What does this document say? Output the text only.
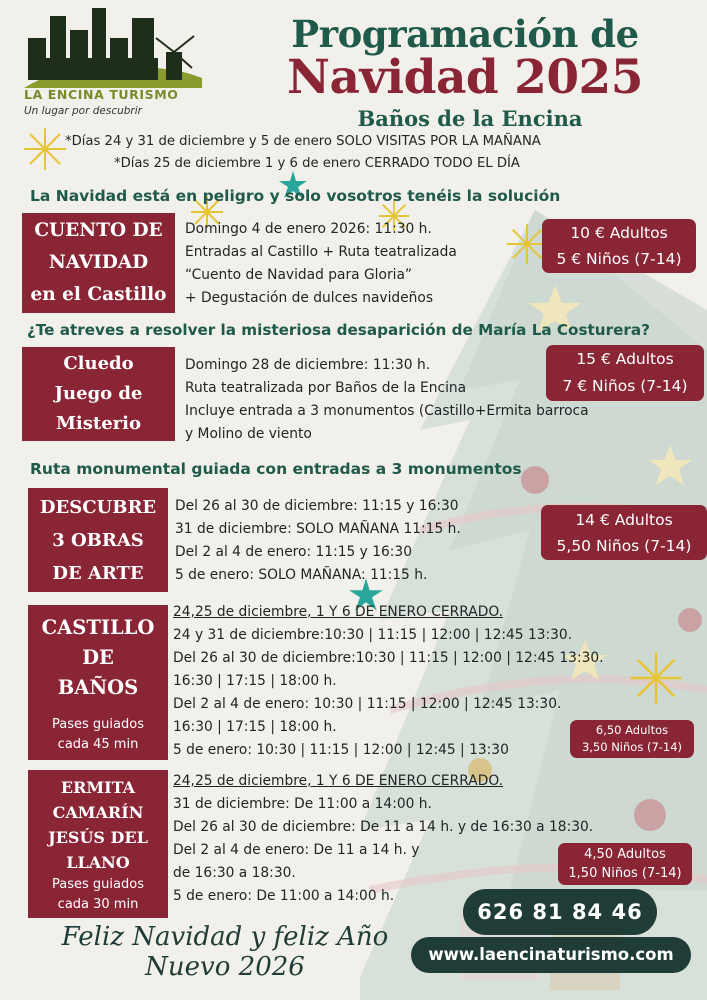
LA ENCINA TURISMO
Un lugar por descubrir
Programación de
Navidad 2025
Baños de la Encina
*Días 24 y 31 de diciembre y 5 de enero SOLO VISITAS POR LA MAÑANA
*Días 25 de diciembre 1 y 6 de enero CERRADO TODO EL DÍA
La Navidad está en peligro y solo vosotros tenéis la solución
CUENTO DE
NAVIDAD
en el Castillo
Domingo 4 de enero 2026: 11:30 h.
Entradas al Castillo + Ruta teatralizada
“Cuento de Navidad para Gloria”
+ Degustación de dulces navideños
10 € Adultos
5 € Niños (7-14)
¿Te atreves a resolver la misteriosa desaparición de María La Costurera?
Cluedo
Juego de
Misterio
Domingo 28 de diciembre: 11:30 h.
Ruta teatralizada por Baños de la Encina
Incluye entrada a 3 monumentos (Castillo+Ermita barroca
y Molino de viento
15 € Adultos
7 € Niños (7-14)
Ruta monumental guiada con entradas a 3 monumentos
DESCUBRE
3 OBRAS
DE ARTE
Del 26 al 30 de diciembre: 11:15 y 16:30
31 de diciembre: SOLO MAÑANA 11:15 h.
Del 2 al 4 de enero: 11:15 y 16:30
5 de enero: SOLO MAÑANA: 11:15 h.
14 € Adultos
5,50 Niños (7-14)
CASTILLO
DE
BAÑOS
Pases guiados
cada 45 min
24,25 de diciembre, 1 Y 6 DE ENERO CERRADO.
24 y 31 de diciembre:10:30 | 11:15 | 12:00 | 12:45 13:30.
Del 26 al 30 de diciembre:10:30 | 11:15 | 12:00 | 12:45 13:30.
16:30 | 17:15 | 18:00 h.
Del 2 al 4 de enero: 10:30 | 11:15 | 12:00 | 12:45 13:30.
16:30 | 17:15 | 18:00 h.
5 de enero: 10:30 | 11:15 | 12:00 | 12:45 | 13:30
6,50 Adultos
3,50 Niños (7-14)
ERMITA
CAMARÍN
JESÚS DEL
LLANO
Pases guiados
cada 30 min
24,25 de diciembre, 1 Y 6 DE ENERO CERRADO.
31 de diciembre: De 11:00 a 14:00 h.
Del 26 al 30 de diciembre: De 11 a 14 h. y de 16:30 a 18:30.
Del 2 al 4 de enero: De 11 a 14 h. y
de 16:30 a 18:30.
5 de enero: De 11:00 a 14:00 h.
4,50 Adultos
1,50 Niños (7-14)
Feliz Navidad y feliz Año
Nuevo 2026
626 81 84 46
www.laencinaturismo.com
